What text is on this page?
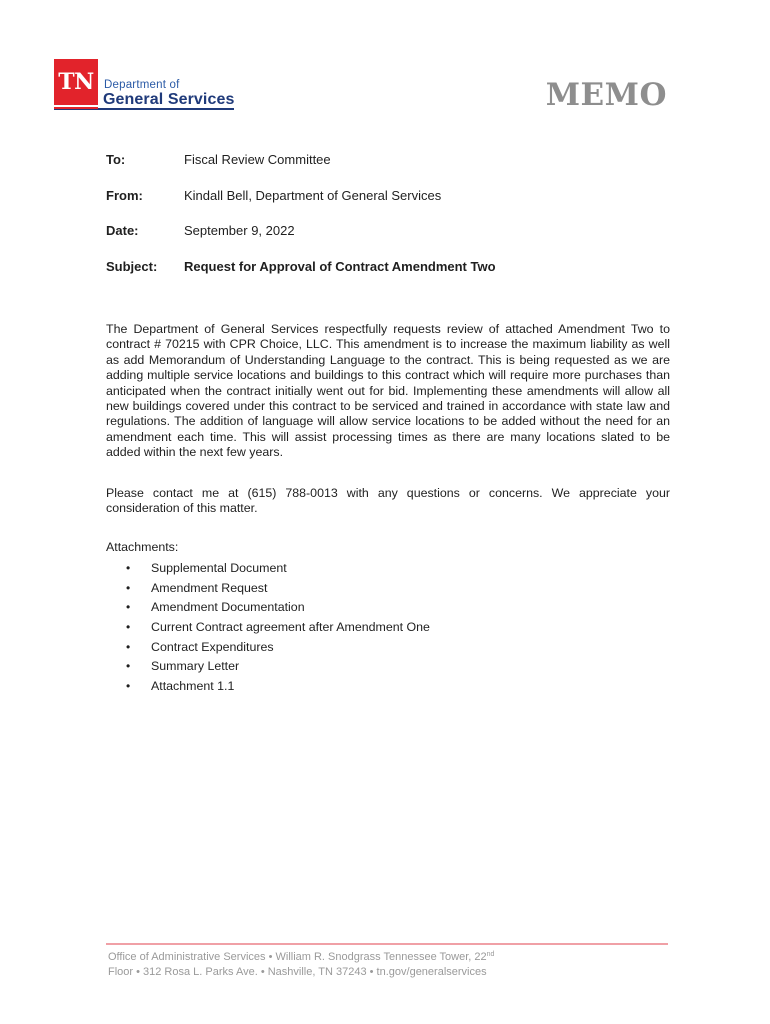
TN Department of
General Services	MEMO
To:	Fiscal Review Committee
From:	Kindall Bell, Department of General Services
Date:	September 9, 2022
Subject: Request for Approval of Contract Amendment Two

The Department of General Services respectfully requests review of attached Amendment Two to contract # 70215 with CPR Choice, LLC. This amendment is to increase the maximum liability as well as add Memorandum of Understanding Language to the contract. This is being requested as we are adding multiple service locations and buildings to this contract which will require more purchases than anticipated when the contract initially went out for bid. Implementing these amendments will allow all new buildings covered under this contract to be serviced and trained in accordance with state law and regulations. The addition of language will allow service locations to be added without the need for an amendment each time. This will assist processing times as there are many locations slated to be added within the next few years.

Please contact me at (615) 788-0013 with any questions or concerns. We appreciate your consideration of this matter.

Attachments:
• Supplemental Document
• Amendment Request
• Amendment Documentation
• Current Contract agreement after Amendment One
• Contract Expenditures
• Summary Letter
• Attachment 1.1
Office of Administrative Services • William R. Snodgrass Tennessee Tower, 22nd
Floor • 312 Rosa L. Parks Ave. • Nashville, TN 37243 • tn.gov/generalservices
